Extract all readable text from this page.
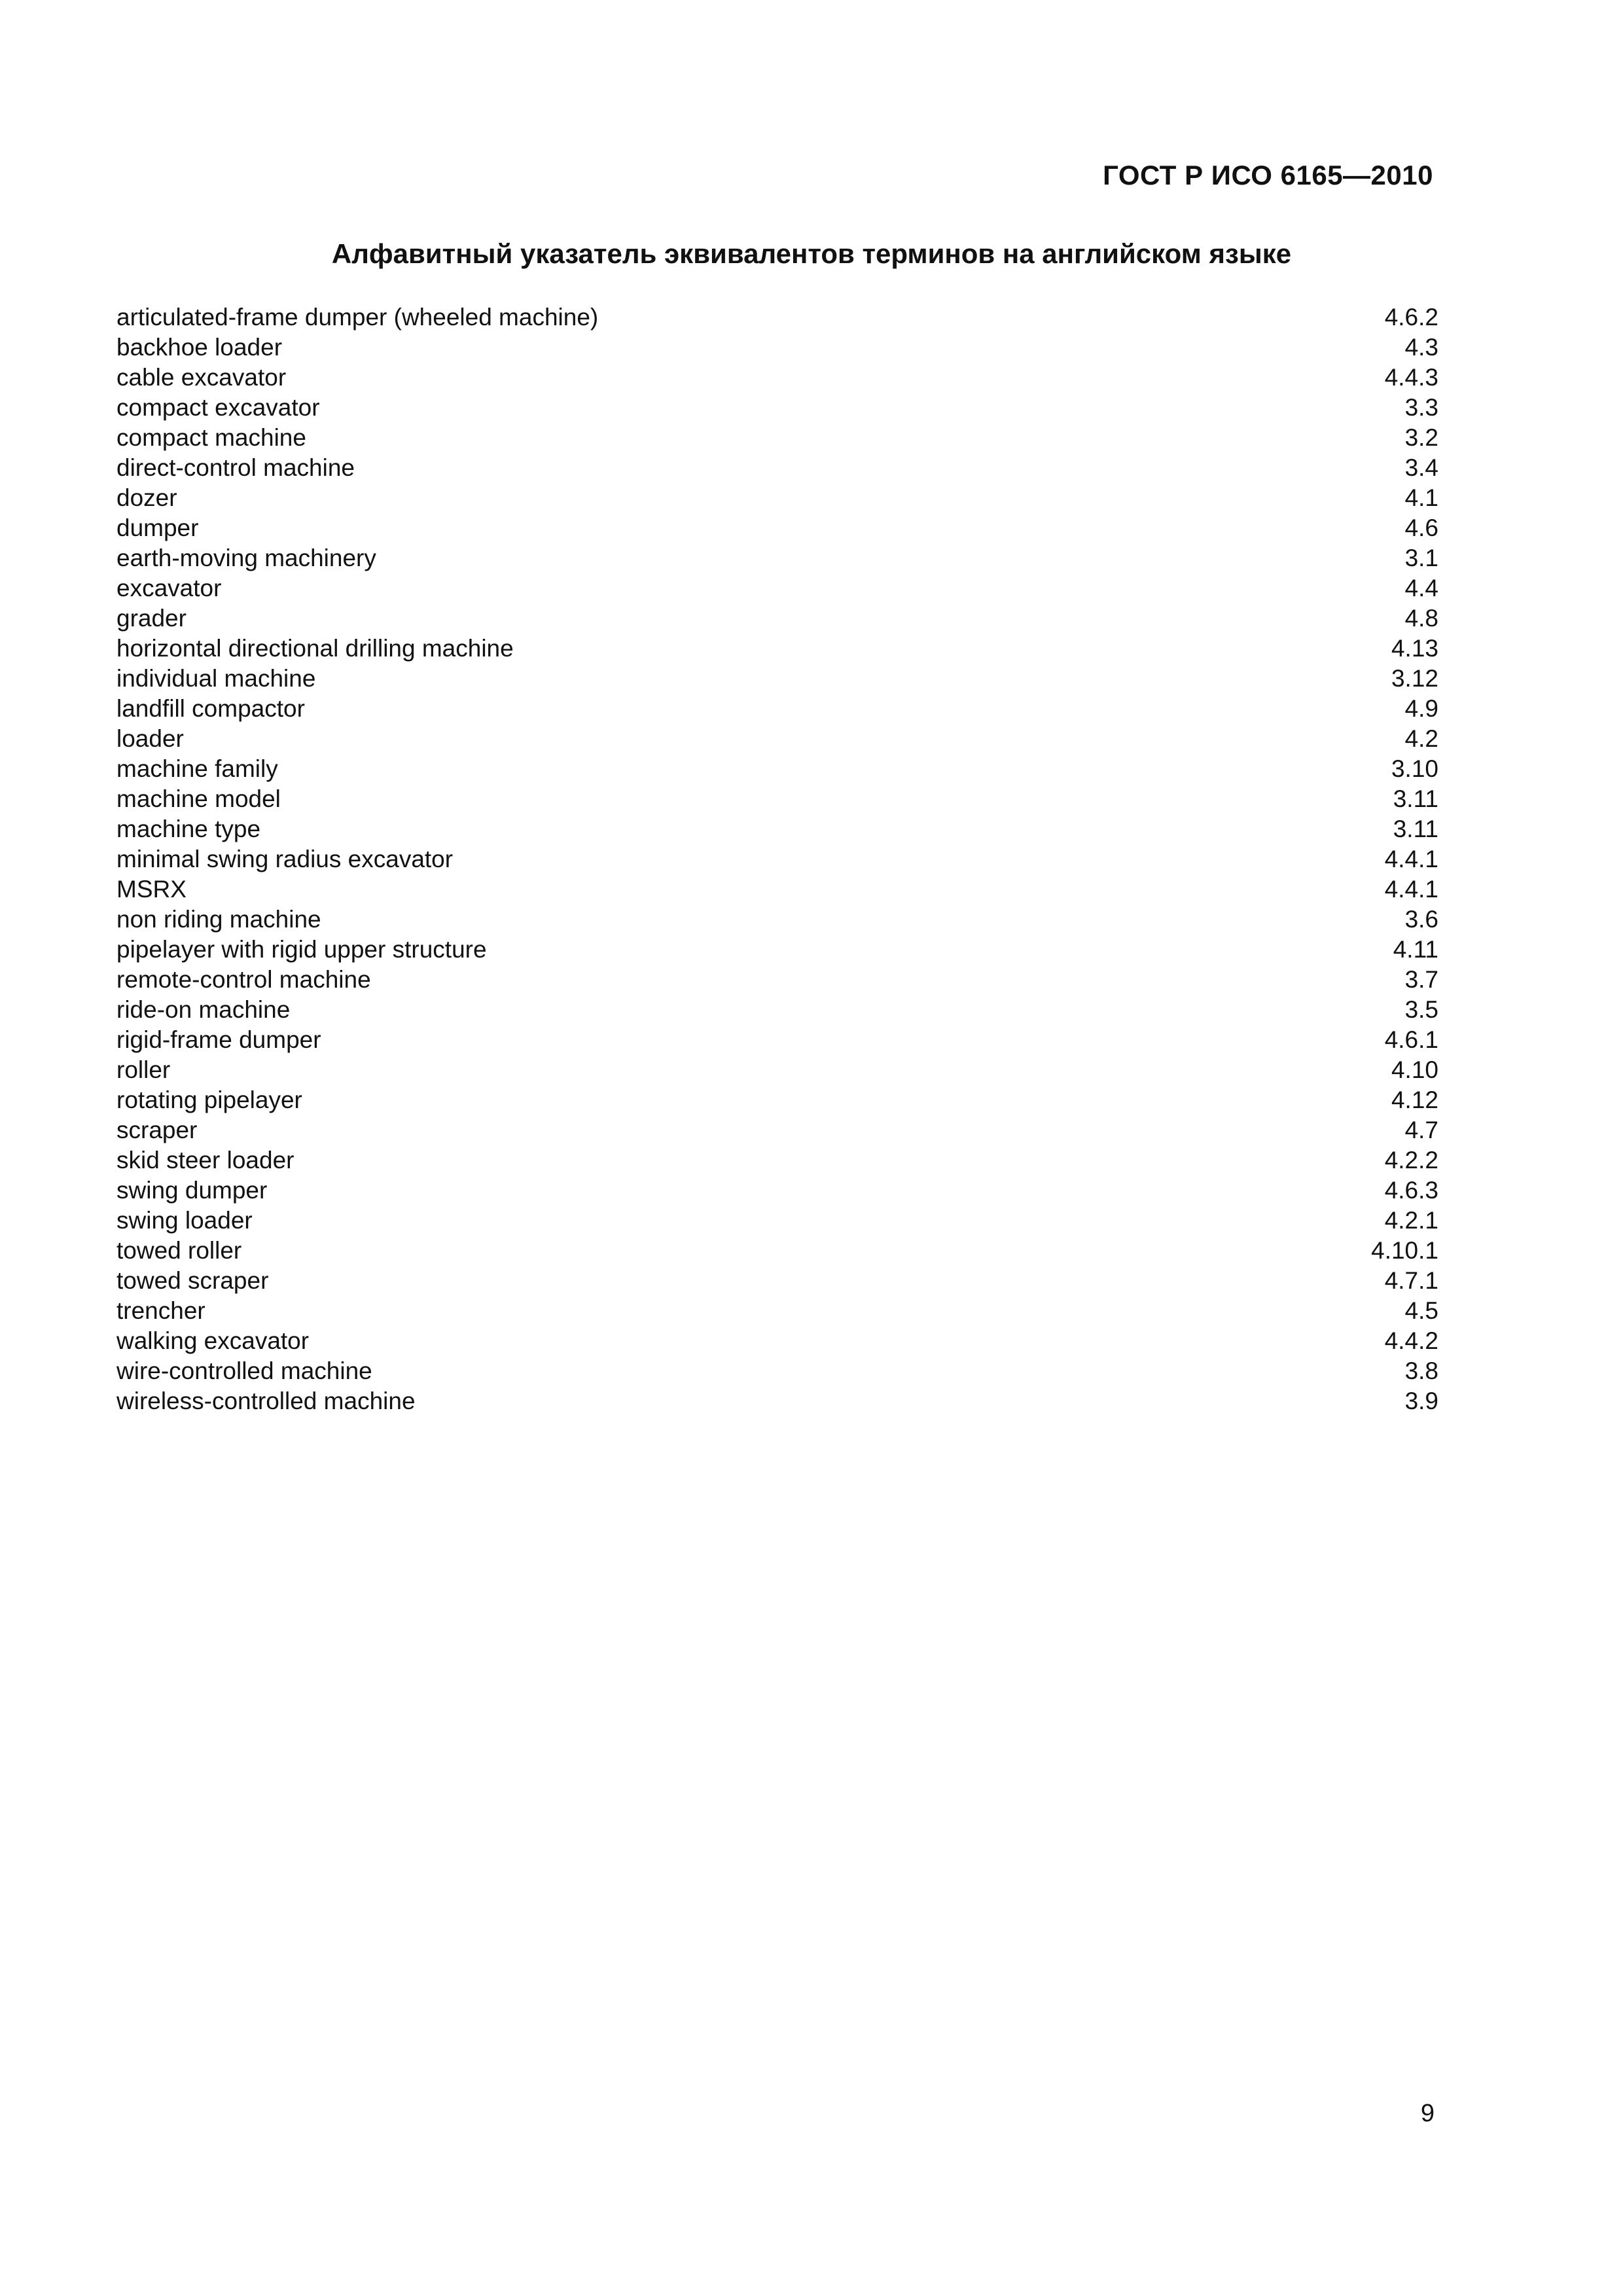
ГОСТ Р ИСО 6165—2010
Алфавитный указатель эквивалентов терминов на английском языке
articulated-frame dumper (wheeled machine)	4.6.2
backhoe loader	4.3
cable excavator	4.4.3
compact excavator	3.3
compact machine	3.2
direct-control machine	3.4
dozer	4.1
dumper	4.6
earth-moving machinery	3.1
excavator	4.4
grader	4.8
horizontal directional drilling machine	4.13
individual machine	3.12
landfill compactor	4.9
loader	4.2
machine family	3.10
machine model	3.11
machine type	3.11
minimal swing radius excavator	4.4.1
MSRX	4.4.1
non riding machine	3.6
pipelayer with rigid upper structure	4.11
remote-control machine	3.7
ride-on machine	3.5
rigid-frame dumper	4.6.1
roller	4.10
rotating pipelayer	4.12
scraper	4.7
skid steer loader	4.2.2
swing dumper	4.6.3
swing loader	4.2.1
towed roller	4.10.1
towed scraper	4.7.1
trencher	4.5
walking excavator	4.4.2
wire-controlled machine	3.8
wireless-controlled machine	3.9
9
